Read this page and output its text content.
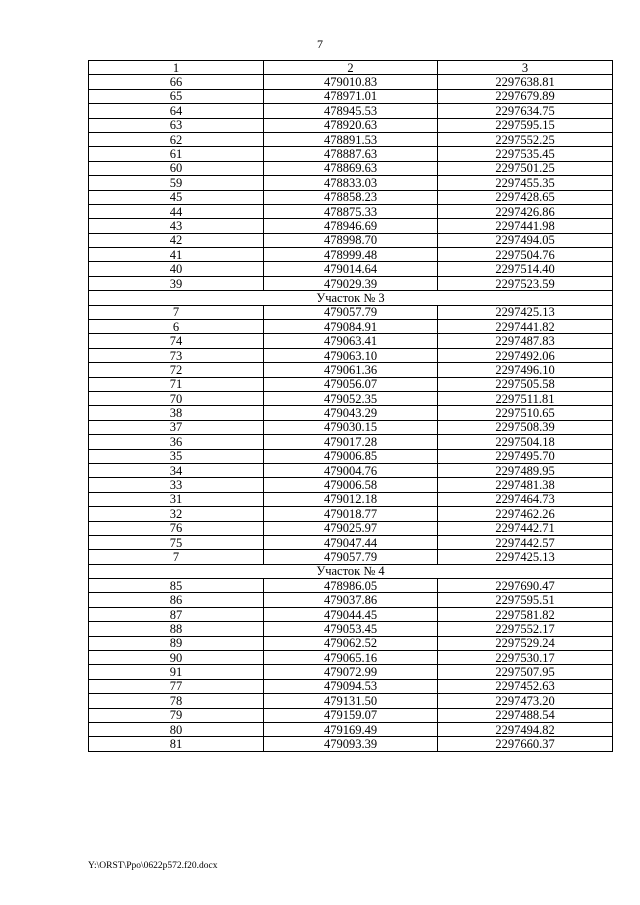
7
1	2	3
66	479010.83	2297638.81
65	478971.01	2297679.89
64	478945.53	2297634.75
63	478920.63	2297595.15
62	478891.53	2297552.25
61	478887.63	2297535.45
60	478869.63	2297501.25
59	478833.03	2297455.35
45	478858.23	2297428.65
44	478875.33	2297426.86
43	478946.69	2297441.98
42	478998.70	2297494.05
41	478999.48	2297504.76
40	479014.64	2297514.40
39	479029.39	2297523.59
Участок № 3		
7	479057.79	2297425.13
6	479084.91	2297441.82
74	479063.41	2297487.83
73	479063.10	2297492.06
72	479061.36	2297496.10
71	479056.07	2297505.58
70	479052.35	2297511.81
38	479043.29	2297510.65
37	479030.15	2297508.39
36	479017.28	2297504.18
35	479006.85	2297495.70
34	479004.76	2297489.95
33	479006.58	2297481.38
31	479012.18	2297464.73
32	479018.77	2297462.26
76	479025.97	2297442.71
75	479047.44	2297442.57
7	479057.79	2297425.13
Участок № 4		
85	478986.05	2297690.47
86	479037.86	2297595.51
87	479044.45	2297581.82
88	479053.45	2297552.17
89	479062.52	2297529.24
90	479065.16	2297530.17
91	479072.99	2297507.95
77	479094.53	2297452.63
78	479131.50	2297473.20
79	479159.07	2297488.54
80	479169.49	2297494.82
81	479093.39	2297660.37
Y:\ORST\Ppo\0622p572.f20.docx
